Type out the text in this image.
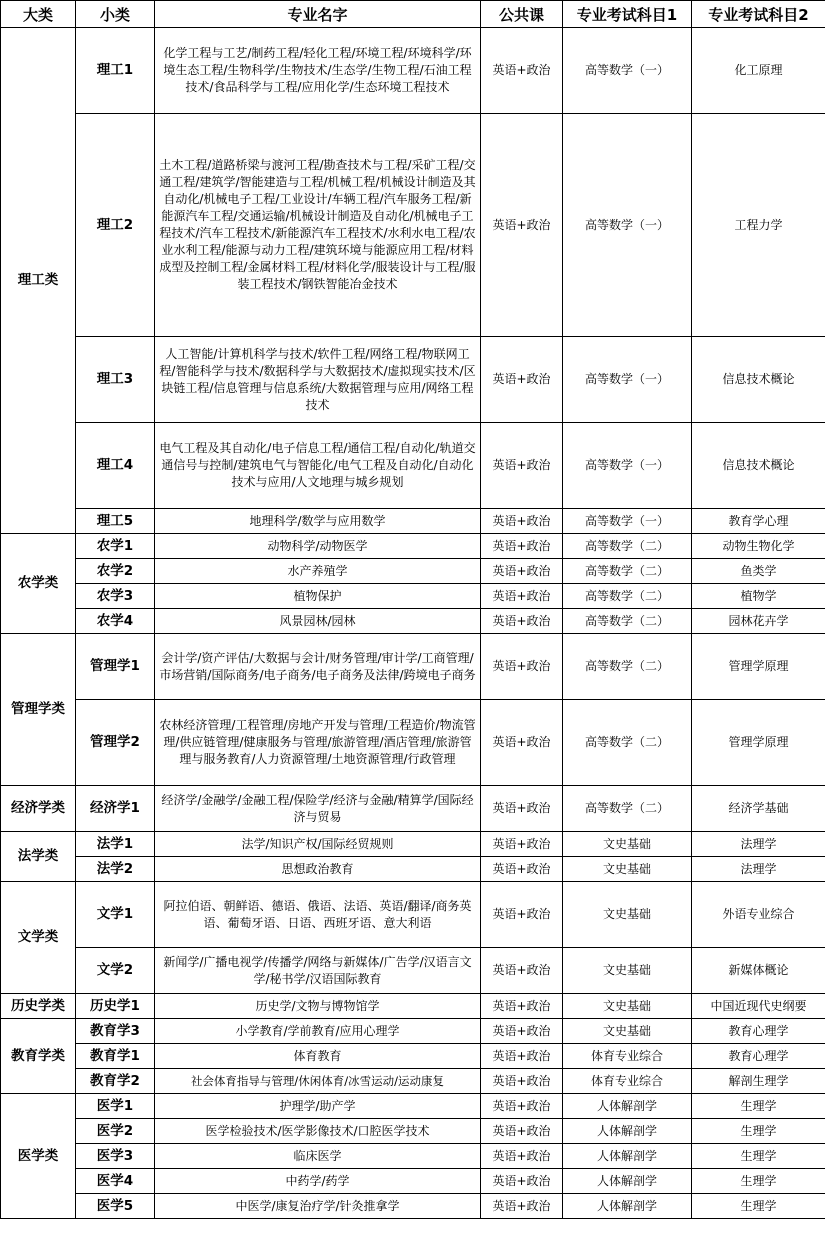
大类	小类	专业名字	公共课	专业考试科目1	专业考试科目2
理工类	理工1	化学工程与工艺/制药工程/轻化工程/环境工程/环境科学/环境生态工程/生物科学/生物技术/生态学/生物工程/石油工程技术/食品科学与工程/应用化学/生态环境工程技术	英语+政治	高等数学（一）	化工原理
	理工2	土木工程/道路桥梁与渡河工程/勘查技术与工程/采矿工程/交通工程/建筑学/智能建造与工程/机械工程/机械设计制造及其自动化/机械电子工程/工业设计/车辆工程/汽车服务工程/新能源汽车工程/交通运输/机械设计制造及自动化/机械电子工程技术/汽车工程技术/新能源汽车工程技术/水利水电工程/农业水利工程/能源与动力工程/建筑环境与能源应用工程/材料成型及控制工程/金属材料工程/材料化学/服装设计与工程/服装工程技术/钢铁智能冶金技术	英语+政治	高等数学（一）	工程力学
	理工3	人工智能/计算机科学与技术/软件工程/网络工程/物联网工程/智能科学与技术/数据科学与大数据技术/虚拟现实技术/区块链工程/信息管理与信息系统/大数据管理与应用/网络工程技术	英语+政治	高等数学（一）	信息技术概论
	理工4	电气工程及其自动化/电子信息工程/通信工程/自动化/轨道交通信号与控制/建筑电气与智能化/电气工程及自动化/自动化技术与应用/人文地理与城乡规划	英语+政治	高等数学（一）	信息技术概论
	理工5	地理科学/数学与应用数学	英语+政治	高等数学（一）	教育学心理
农学类	农学1	动物科学/动物医学	英语+政治	高等数学（二）	动物生物化学
	农学2	水产养殖学	英语+政治	高等数学（二）	鱼类学
	农学3	植物保护	英语+政治	高等数学（二）	植物学
	农学4	风景园林/园林	英语+政治	高等数学（二）	园林花卉学
管理学类	管理学1	会计学/资产评估/大数据与会计/财务管理/审计学/工商管理/市场营销/国际商务/电子商务/电子商务及法律/跨境电子商务	英语+政治	高等数学（二）	管理学原理
	管理学2	农林经济管理/工程管理/房地产开发与管理/工程造价/物流管理/供应链管理/健康服务与管理/旅游管理/酒店管理/旅游管理与服务教育/人力资源管理/土地资源管理/行政管理	英语+政治	高等数学（二）	管理学原理
经济学类	经济学1	经济学/金融学/金融工程/保险学/经济与金融/精算学/国际经济与贸易	英语+政治	高等数学（二）	经济学基础
法学类	法学1	法学/知识产权/国际经贸规则	英语+政治	文史基础	法理学
	法学2	思想政治教育	英语+政治	文史基础	法理学
文学类	文学1	阿拉伯语、朝鲜语、德语、俄语、法语、英语/翻译/商务英语、葡萄牙语、日语、西班牙语、意大利语	英语+政治	文史基础	外语专业综合
	文学2	新闻学/广播电视学/传播学/网络与新媒体/广告学/汉语言文学/秘书学/汉语国际教育	英语+政治	文史基础	新媒体概论
历史学类	历史学1	历史学/文物与博物馆学	英语+政治	文史基础	中国近现代史纲要
教育学类	教育学3	小学教育/学前教育/应用心理学	英语+政治	文史基础	教育心理学
	教育学1	体育教育	英语+政治	体育专业综合	教育心理学
	教育学2	社会体育指导与管理/休闲体育/冰雪运动/运动康复	英语+政治	体育专业综合	解剖生理学
医学类	医学1	护理学/助产学	英语+政治	人体解剖学	生理学
	医学2	医学检验技术/医学影像技术/口腔医学技术	英语+政治	人体解剖学	生理学
	医学3	临床医学	英语+政治	人体解剖学	生理学
	医学4	中药学/药学	英语+政治	人体解剖学	生理学
	医学5	中医学/康复治疗学/针灸推拿学	英语+政治	人体解剖学	生理学
